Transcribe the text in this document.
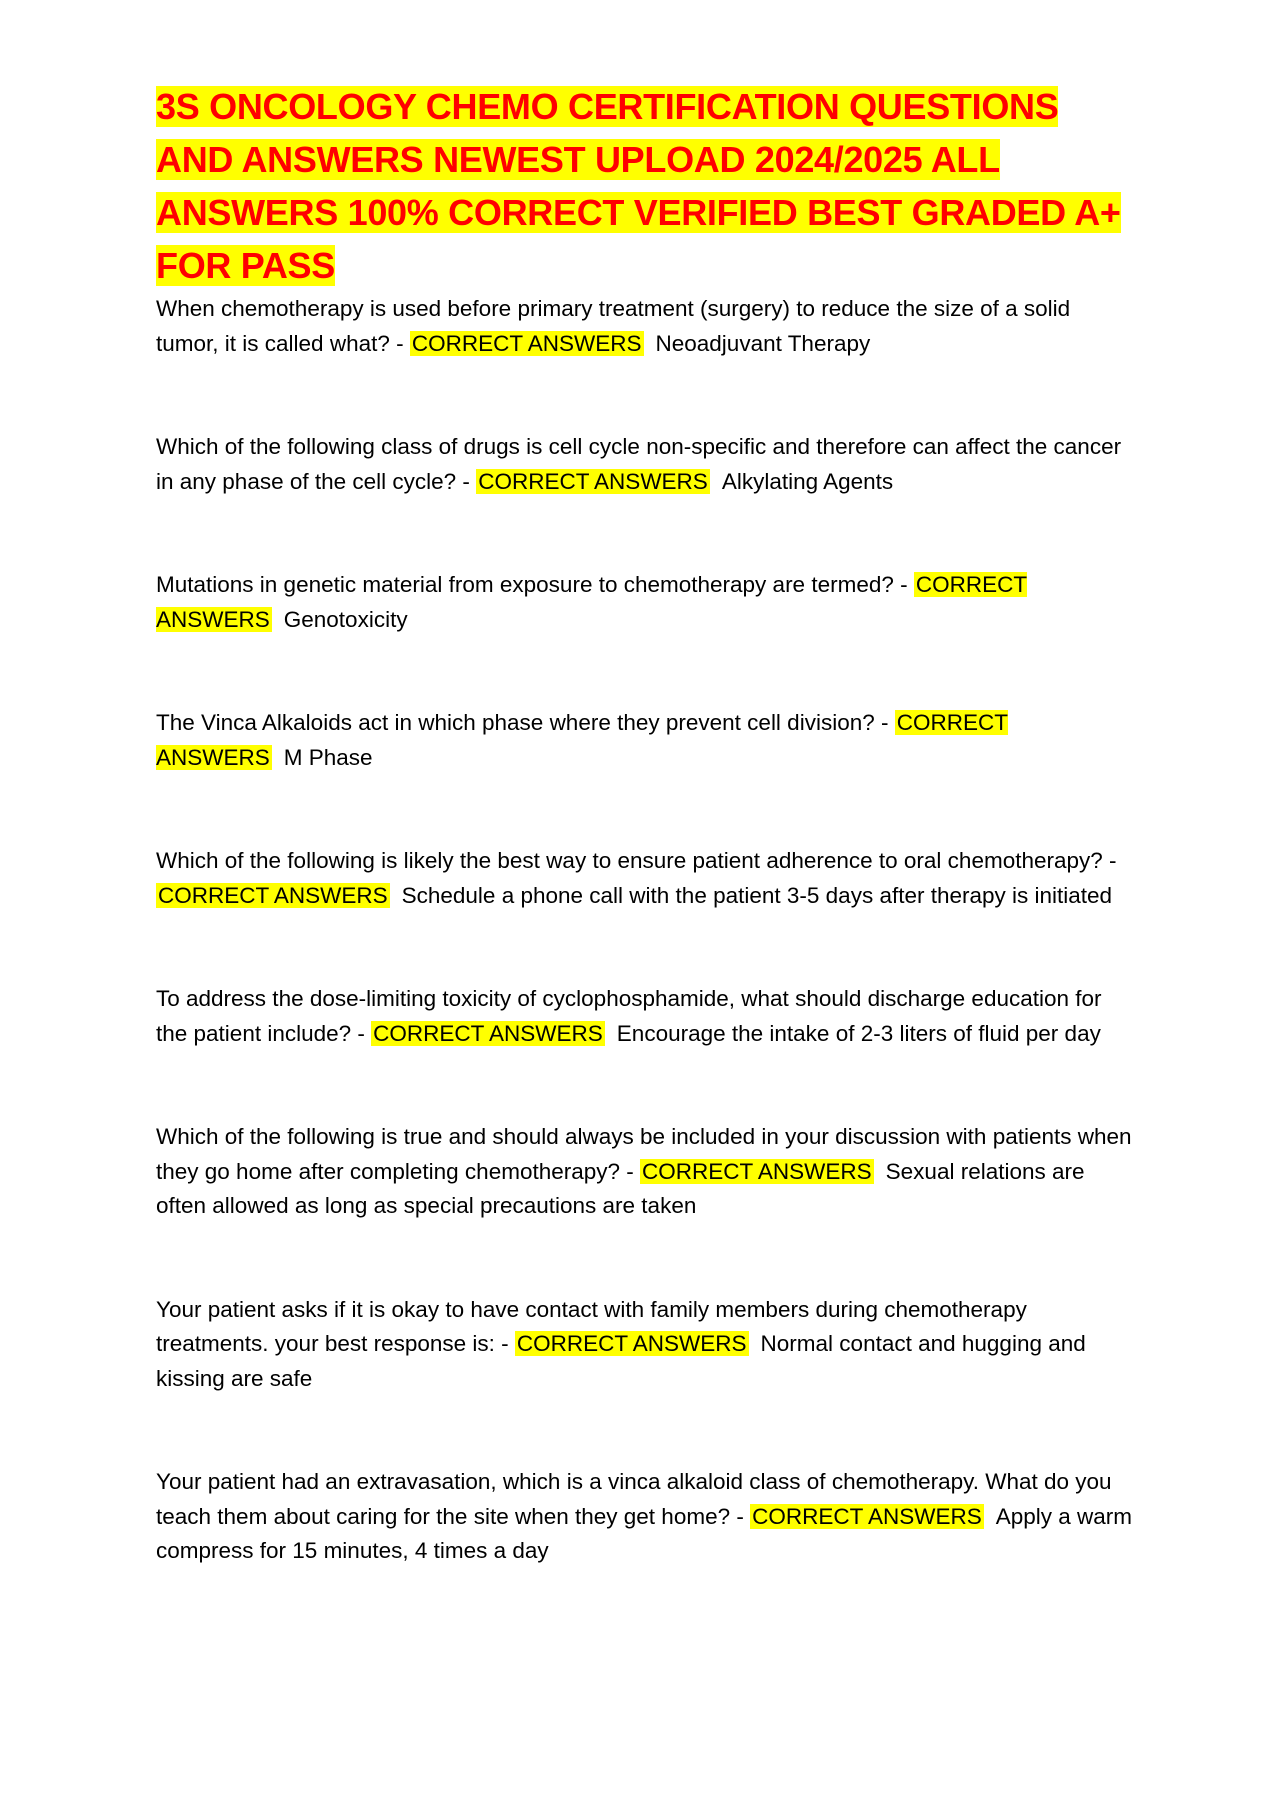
3S ONCOLOGY CHEMO CERTIFICATION QUESTIONS AND ANSWERS NEWEST UPLOAD 2024/2025 ALL ANSWERS 100% CORRECT VERIFIED BEST GRADED A+ FOR PASS

When chemotherapy is used before primary treatment (surgery) to reduce the size of a solid tumor, it is called what? - CORRECT ANSWERS Neoadjuvant Therapy

Which of the following class of drugs is cell cycle non-specific and therefore can affect the cancer in any phase of the cell cycle? - CORRECT ANSWERS Alkylating Agents

Mutations in genetic material from exposure to chemotherapy are termed? - CORRECT ANSWERS Genotoxicity

The Vinca Alkaloids act in which phase where they prevent cell division? - CORRECT ANSWERS M Phase

Which of the following is likely the best way to ensure patient adherence to oral chemotherapy? - CORRECT ANSWERS Schedule a phone call with the patient 3-5 days after therapy is initiated

To address the dose-limiting toxicity of cyclophosphamide, what should discharge education for the patient include? - CORRECT ANSWERS Encourage the intake of 2-3 liters of fluid per day

Which of the following is true and should always be included in your discussion with patients when they go home after completing chemotherapy? - CORRECT ANSWERS Sexual relations are often allowed as long as special precautions are taken

Your patient asks if it is okay to have contact with family members during chemotherapy treatments. your best response is: - CORRECT ANSWERS Normal contact and hugging and kissing are safe

Your patient had an extravasation, which is a vinca alkaloid class of chemotherapy. What do you teach them about caring for the site when they get home? - CORRECT ANSWERS Apply a warm compress for 15 minutes, 4 times a day
